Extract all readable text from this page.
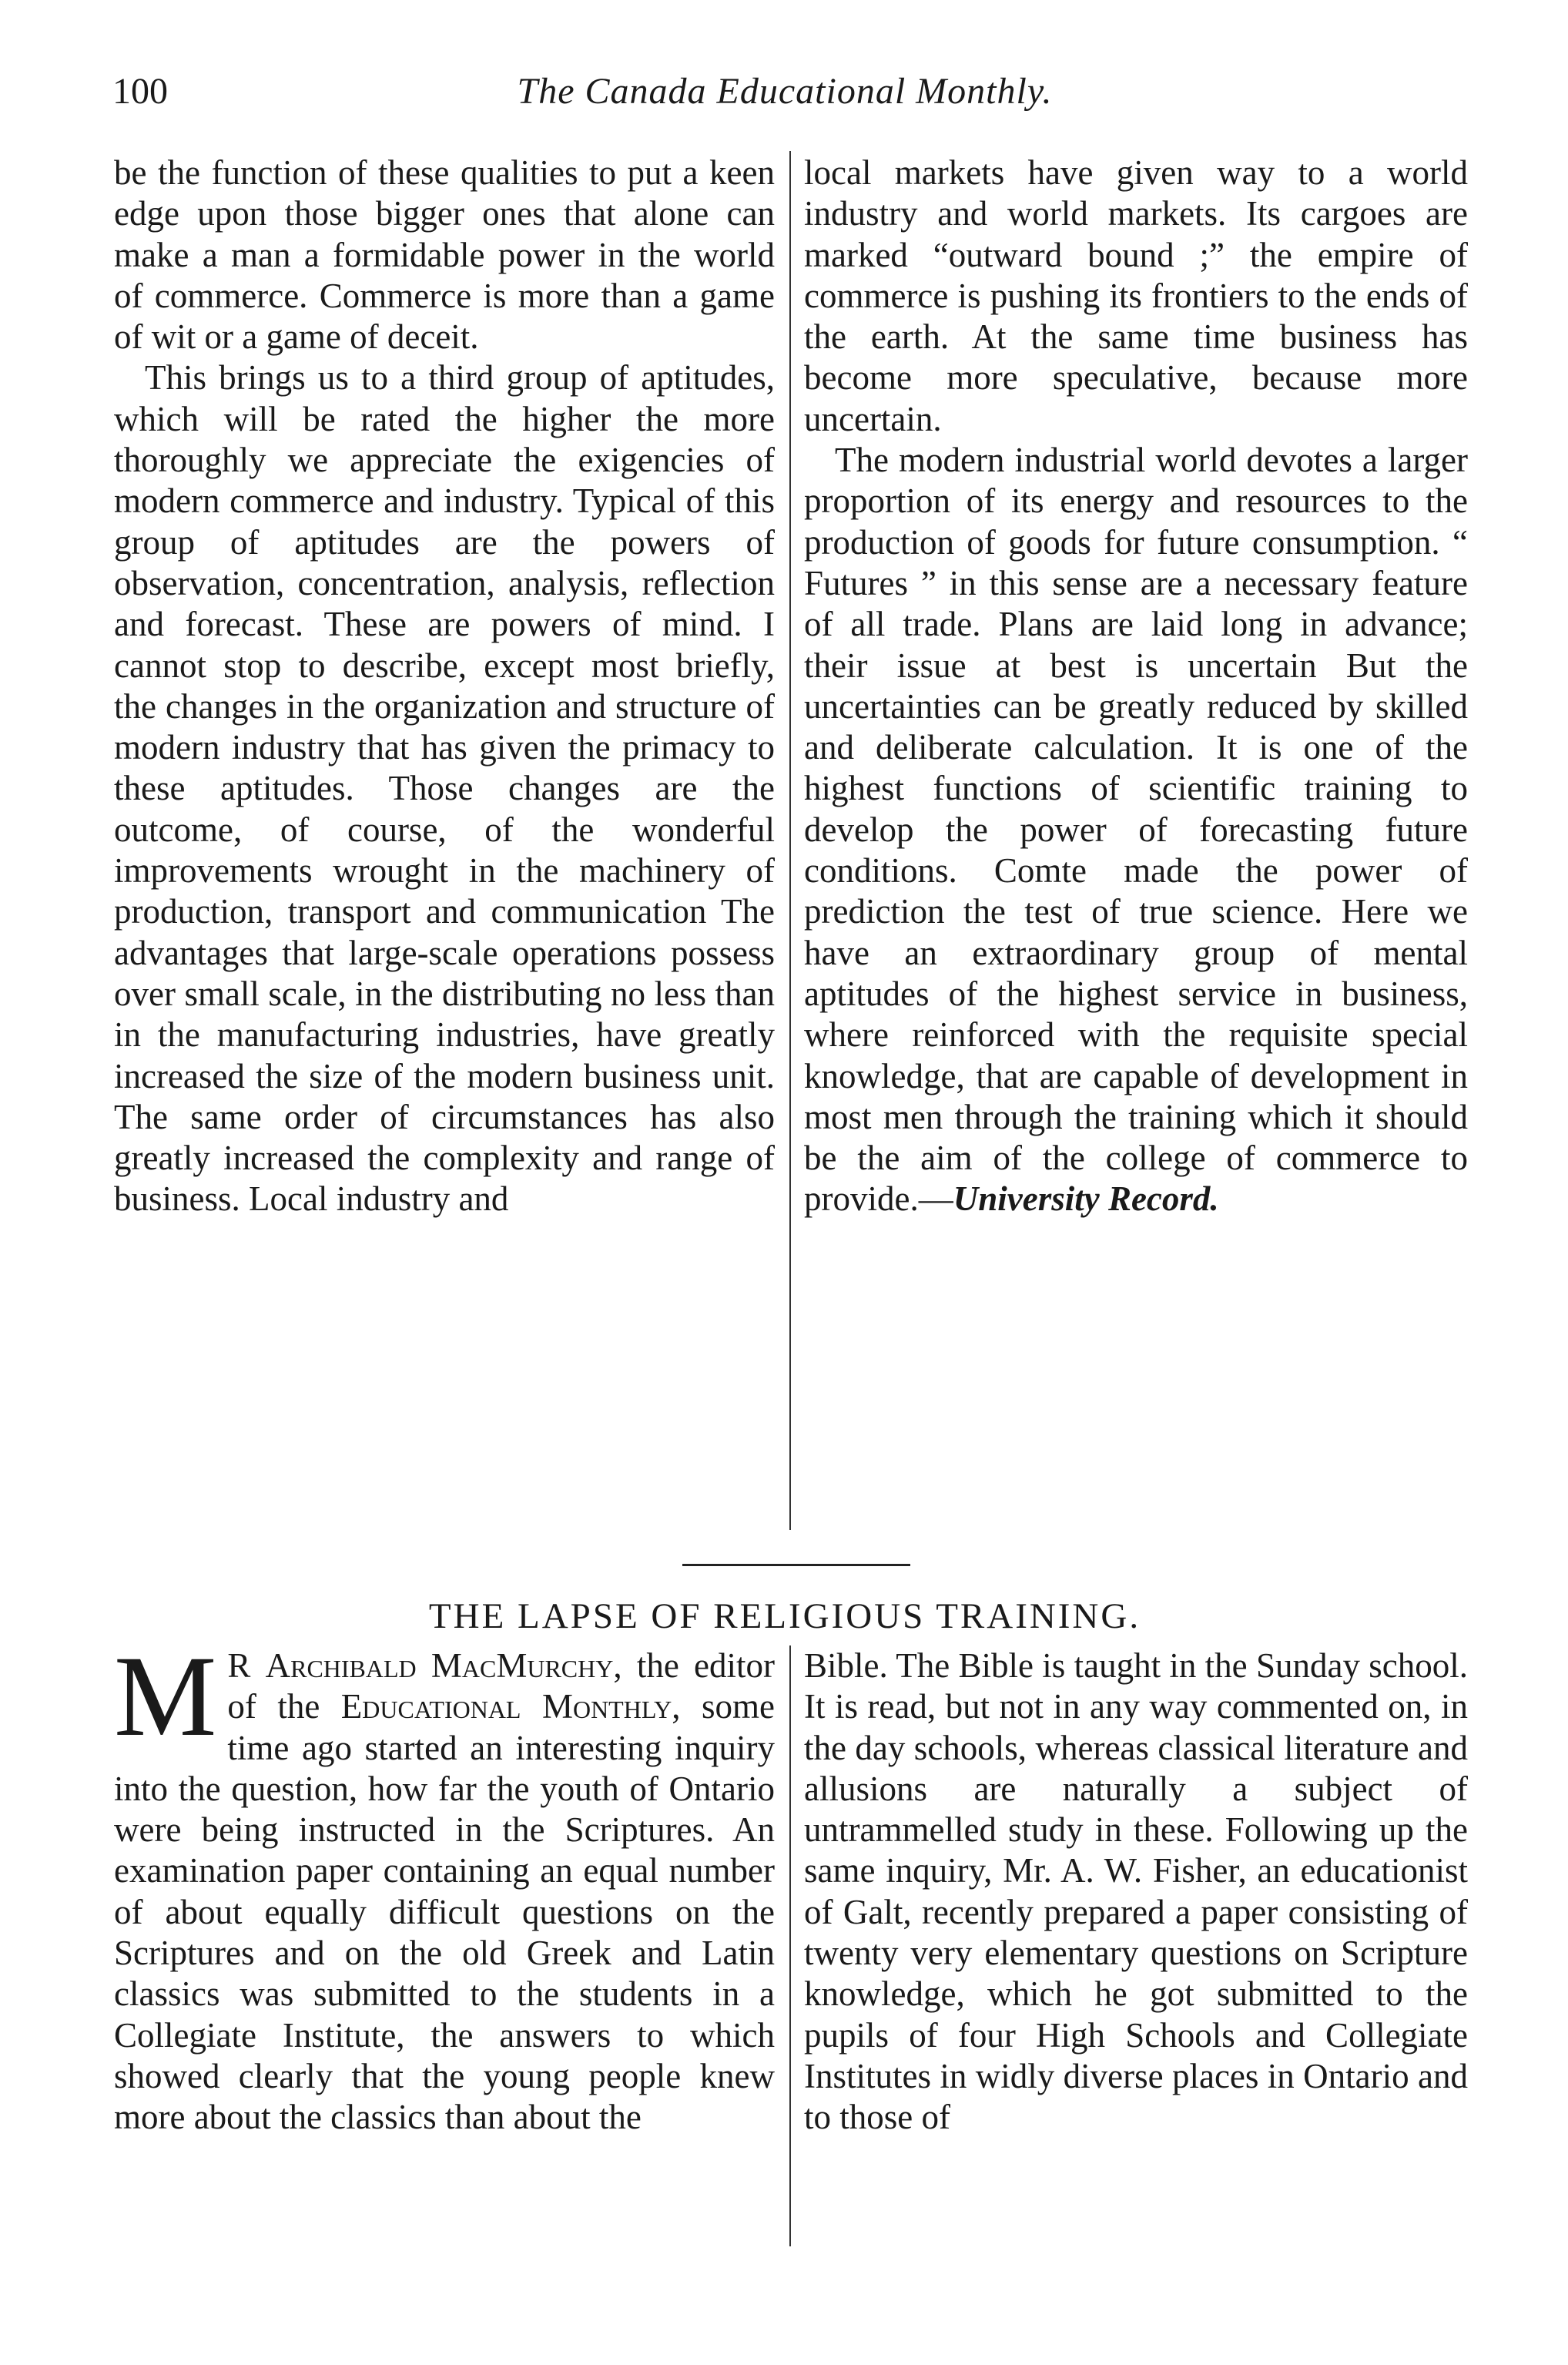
100	The Canada Educational Monthly.

be the function of these qualities to put a keen edge upon those bigger ones that alone can make a man a formidable power in the world of commerce. Commerce is more than a game of wit or a game of deceit.

This brings us to a third group of aptitudes, which will be rated the higher the more thoroughly we appreciate the exigencies of modern commerce and industry. Typical of this group of aptitudes are the powers of observation, concentration, analysis, reflection and forecast. These are powers of mind. I cannot stop to describe, except most briefly, the changes in the organization and structure of modern industry that has given the primacy to these aptitudes. Those changes are the outcome, of course, of the wonderful improvements wrought in the machinery of production, transport and communication The advantages that large-scale operations possess over small scale, in the distributing no less than in the manufacturing industries, have greatly increased the size of the modern business unit. The same order of circumstances has also greatly increased the complexity and range of business. Local industry and

local markets have given way to a world industry and world markets. Its cargoes are marked “outward bound ;” the empire of commerce is pushing its frontiers to the ends of the earth. At the same time business has become more speculative, because more uncertain.

The modern industrial world devotes a larger proportion of its energy and resources to the production of goods for future consumption. “ Futures ” in this sense are a necessary feature of all trade. Plans are laid long in advance; their issue at best is uncertain But the uncertainties can be greatly reduced by skilled and deliberate calculation. It is one of the highest functions of scientific training to develop the power of forecasting future conditions. Comte made the power of prediction the test of true science. Here we have an extraordinary group of mental aptitudes of the highest service in business, where reinforced with the requisite special knowledge, that are capable of development in most men through the training which it should be the aim of the college of commerce to provide.—University Record.

THE LAPSE OF RELIGIOUS TRAINING.

M R Archibald MacMurchy, the editor of the Educational Monthly, some time ago started an interesting inquiry into the question, how far the youth of Ontario were being instructed in the Scriptures. An examination paper containing an equal number of about equally difficult questions on the Scriptures and on the old Greek and Latin classics was submitted to the students in a Collegiate Institute, the answers to which showed clearly that the young people knew more about the classics than about the

Bible. The Bible is taught in the Sunday school. It is read, but not in any way commented on, in the day schools, whereas classical literature and allusions are naturally a subject of untrammelled study in these. Following up the same inquiry, Mr. A. W. Fisher, an educationist of Galt, recently prepared a paper consisting of twenty very elementary questions on Scripture knowledge, which he got submitted to the pupils of four High Schools and Collegiate Institutes in widly diverse places in Ontario and to those of
